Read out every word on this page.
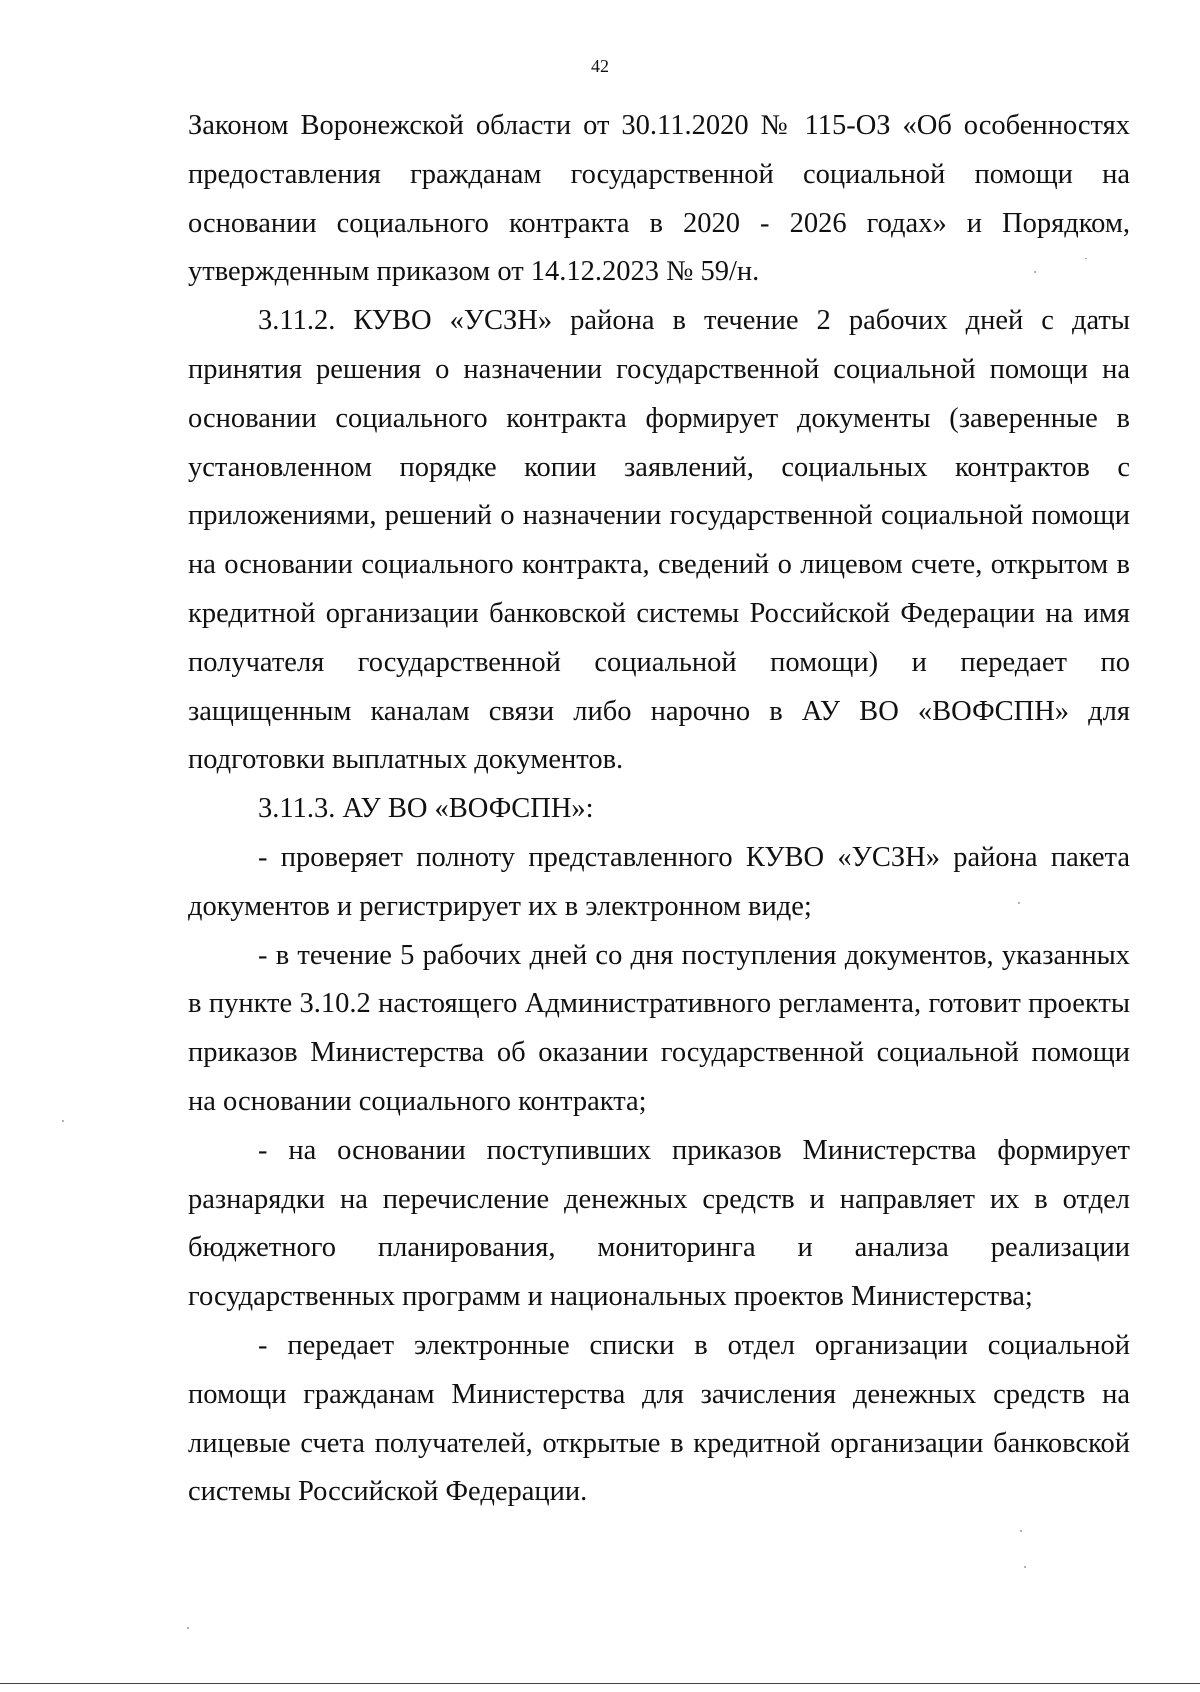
42

Законом Воронежской области от 30.11.2020 № 115-ОЗ «Об особенностях предоставления гражданам государственной социальной помощи на основании социального контракта в 2020 - 2026 годах» и Порядком, утвержденным приказом от 14.12.2023 № 59/н.

3.11.2. КУВО «УСЗН» района в течение 2 рабочих дней с даты принятия решения о назначении государственной социальной помощи на основании социального контракта формирует документы (заверенные в установленном порядке копии заявлений, социальных контрактов с приложениями, решений о назначении государственной социальной помощи на основании социального контракта, сведений о лицевом счете, открытом в кредитной организации банковской системы Российской Федерации на имя получателя государственной социальной помощи) и передает по защищенным каналам связи либо нарочно в АУ ВО «ВОФСПН» для подготовки выплатных документов.

3.11.3. АУ ВО «ВОФСПН»:

- проверяет полноту представленного КУВО «УСЗН» района пакета документов и регистрирует их в электронном виде;

- в течение 5 рабочих дней со дня поступления документов, указанных в пункте 3.10.2 настоящего Административного регламента, готовит проекты приказов Министерства об оказании государственной социальной помощи на основании социального контракта;

- на основании поступивших приказов Министерства формирует разнарядки на перечисление денежных средств и направляет их в отдел бюджетного планирования, мониторинга и анализа реализации государственных программ и национальных проектов Министерства;

- передает электронные списки в отдел организации социальной помощи гражданам Министерства для зачисления денежных средств на лицевые счета получателей, открытые в кредитной организации банковской системы Российской Федерации.
